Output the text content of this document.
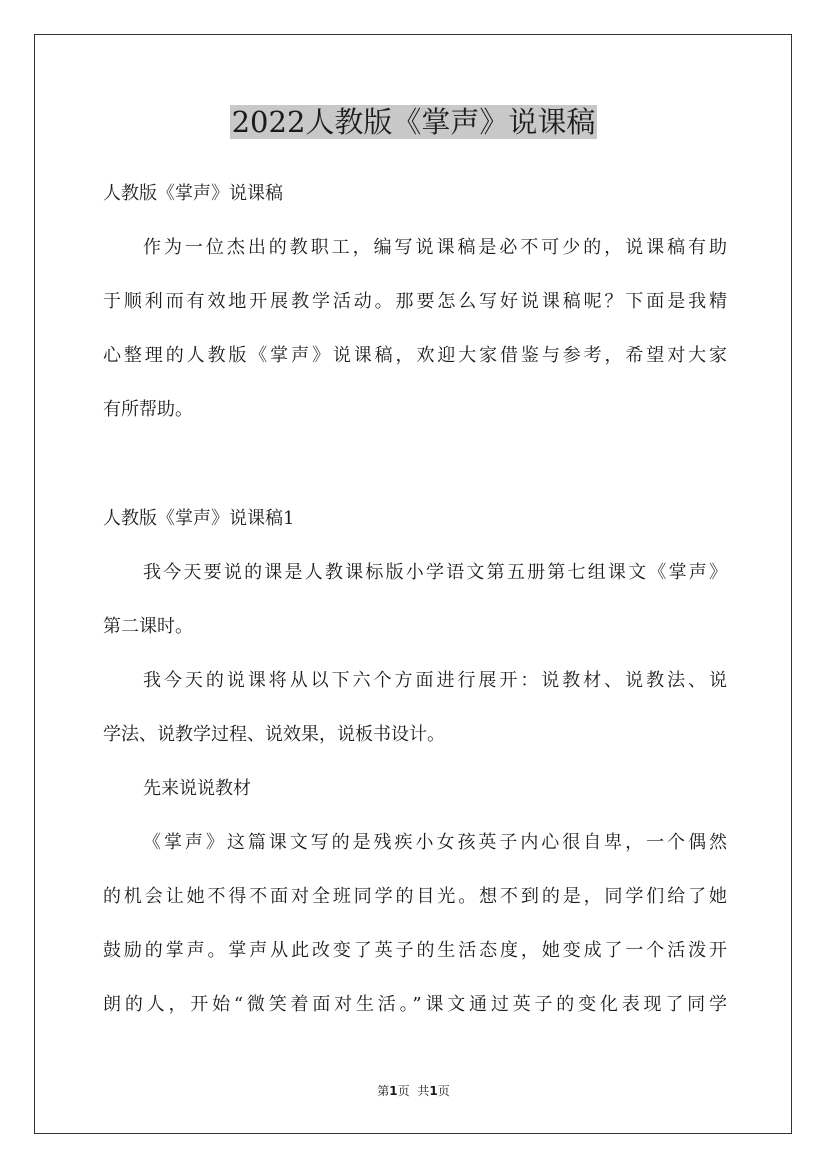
2022人教版《掌声》说课稿

人教版《掌声》说课稿

作为一位杰出的教职工，编写说课稿是必不可少的，说课稿有助

于顺利而有效地开展教学活动。那要怎么写好说课稿呢？下面是我精

心整理的人教版《掌声》说课稿，欢迎大家借鉴与参考，希望对大家

有所帮助。

人教版《掌声》说课稿1

我今天要说的课是人教课标版小学语文第五册第七组课文《掌声》

第二课时。

我今天的说课将从以下六个方面进行展开：说教材、说教法、说

学法、说教学过程、说效果，说板书设计。

先来说说教材

《掌声》这篇课文写的是残疾小女孩英子内心很自卑，一个偶然

的机会让她不得不面对全班同学的目光。想不到的是，同学们给了她

鼓励的掌声。掌声从此改变了英子的生活态度，她变成了一个活泼开

朗的人，开始“微笑着面对生活。”课文通过英子的变化表现了同学

第1页 共1页
